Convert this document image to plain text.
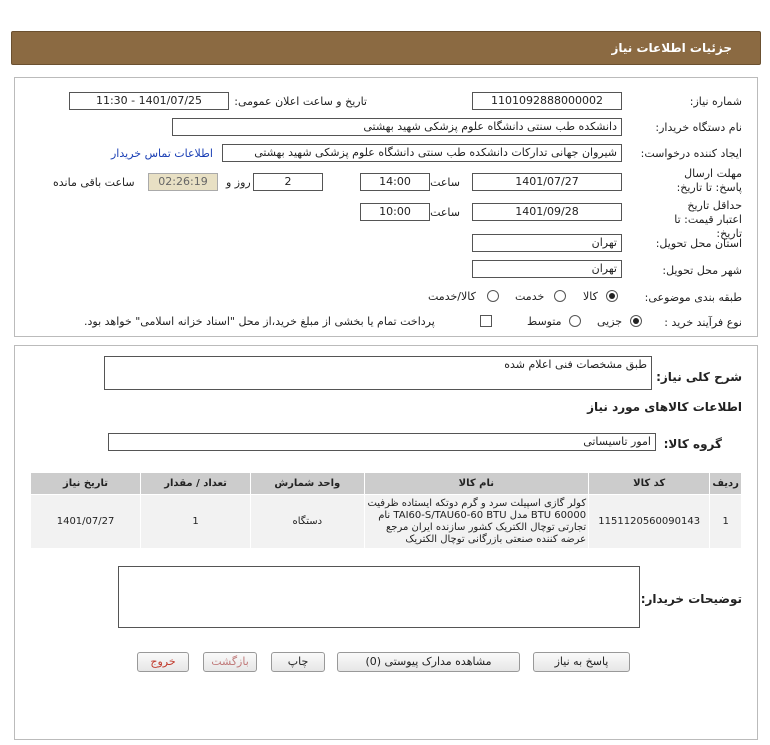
جزئیات اطلاعات نیاز
شماره نیاز:
1101092888000002
تاریخ و ساعت اعلان عمومی:
1401/07/25 - 11:30
نام دستگاه خریدار:
دانشکده طب سنتی دانشگاه علوم پزشکی شهید بهشتی
ایجاد کننده درخواست:
شیروان جهانی تدارکات دانشکده طب سنتی دانشگاه علوم پزشکی شهید بهشتی
اطلاعات تماس خریدار
مهلت ارسال پاسخ: تا تاریخ:
1401/07/27
ساعت
14:00
2
روز و
02:26:19
ساعت باقی مانده
حداقل تاریخ اعتبار قیمت: تا تاریخ:
1401/09/28
ساعت
10:00
استان محل تحویل:
تهران
شهر محل تحویل:
تهران
طبقه بندی موضوعی:
کالا
خدمت
کالا/خدمت
نوع فرآیند خرید :
جزیی
متوسط
پرداخت تمام یا بخشی از مبلغ خرید،از محل "اسناد خزانه اسلامی" خواهد بود.
شرح کلی نیاز:
طبق مشخصات فنی اعلام شده
اطلاعات کالاهای مورد نیاز
گروه کالا:
امور تاسیساتی
ردیف	کد کالا	نام کالا	واحد شمارش	تعداد / مقدار	تاریخ نیاز
1	1151120560090143	کولر گازی اسپیلت سرد و گرم دوتکه ایستاده ظرفیت BTU 60000 مدل TAI60-S/TAU60-60 BTU نام تجارتی توچال الکتریک کشور سازنده ایران مرجع عرضه کننده صنعتی بازرگانی توچال الکتریک	دستگاه	1	1401/07/27
توضیحات خریدار:
پاسخ به نیاز
مشاهده مدارک پیوستی (0)
چاپ
بازگشت
خروج
